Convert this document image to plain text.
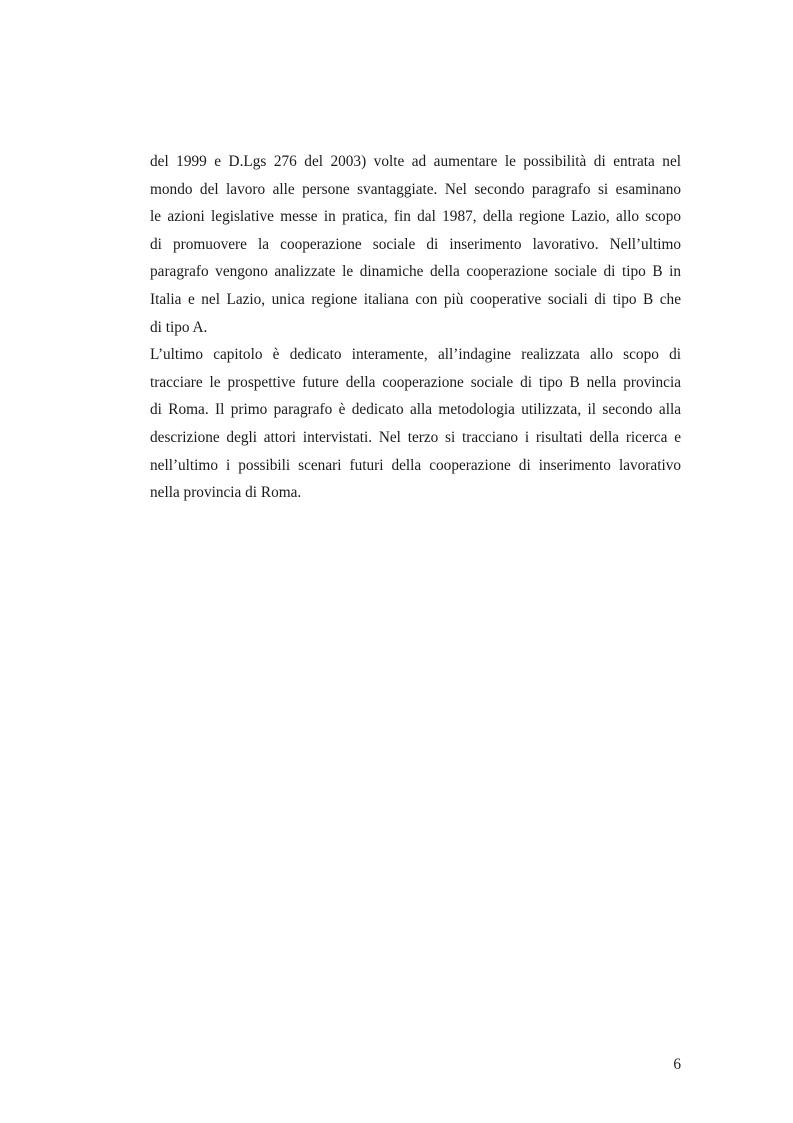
del 1999 e D.Lgs 276 del 2003) volte ad aumentare le possibilità di entrata nel
mondo del lavoro alle persone svantaggiate. Nel secondo paragrafo si esaminano
le azioni legislative messe in pratica, fin dal 1987, della regione Lazio, allo scopo
di promuovere la cooperazione sociale di inserimento lavorativo. Nell’ultimo
paragrafo vengono analizzate le dinamiche della cooperazione sociale di tipo B in
Italia e nel Lazio, unica regione italiana con più cooperative sociali di tipo B che
di tipo A.
L’ultimo capitolo è dedicato interamente, all’indagine realizzata allo scopo di
tracciare le prospettive future della cooperazione sociale di tipo B nella provincia
di Roma. Il primo paragrafo è dedicato alla metodologia utilizzata, il secondo alla
descrizione degli attori intervistati. Nel terzo si tracciano i risultati della ricerca e
nell’ultimo i possibili scenari futuri della cooperazione di inserimento lavorativo
nella provincia di Roma.
6
